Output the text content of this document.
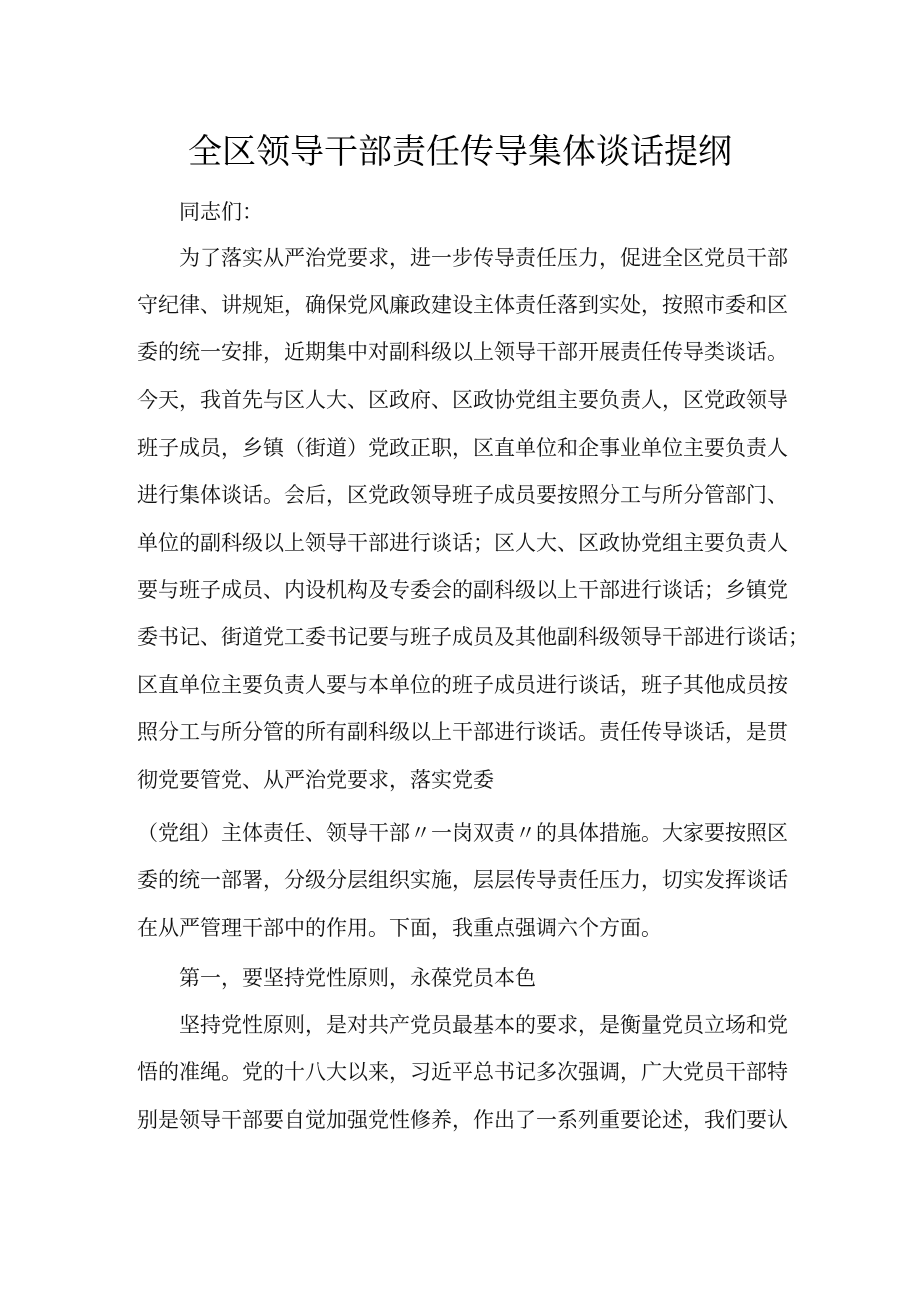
全区领导干部责任传导集体谈话提纲
同志们：
为了落实从严治党要求，进一步传导责任压力，促进全区党员干部
守纪律、讲规矩，确保党风廉政建设主体责任落到实处，按照市委和区
委的统一安排，近期集中对副科级以上领导干部开展责任传导类谈话。
今天，我首先与区人大、区政府、区政协党组主要负责人，区党政领导
班子成员，乡镇（街道）党政正职，区直单位和企事业单位主要负责人
进行集体谈话。会后，区党政领导班子成员要按照分工与所分管部门、
单位的副科级以上领导干部进行谈话；区人大、区政协党组主要负责人
要与班子成员、内设机构及专委会的副科级以上干部进行谈话；乡镇党
委书记、街道党工委书记要与班子成员及其他副科级领导干部进行谈话；
区直单位主要负责人要与本单位的班子成员进行谈话，班子其他成员按
照分工与所分管的所有副科级以上干部进行谈话。责任传导谈话，是贯
彻党要管党、从严治党要求，落实党委
（党组）主体责任、领导干部〃一岗双责〃的具体措施。大家要按照区
委的统一部署，分级分层组织实施，层层传导责任压力，切实发挥谈话
在从严管理干部中的作用。下面，我重点强调六个方面。
第一，要坚持党性原则，永葆党员本色
坚持党性原则，是对共产党员最基本的要求，是衡量党员立场和党
悟的准绳。党的十八大以来，习近平总书记多次强调，广大党员干部特
别是领导干部要自觉加强党性修养，作出了一系列重要论述，我们要认
